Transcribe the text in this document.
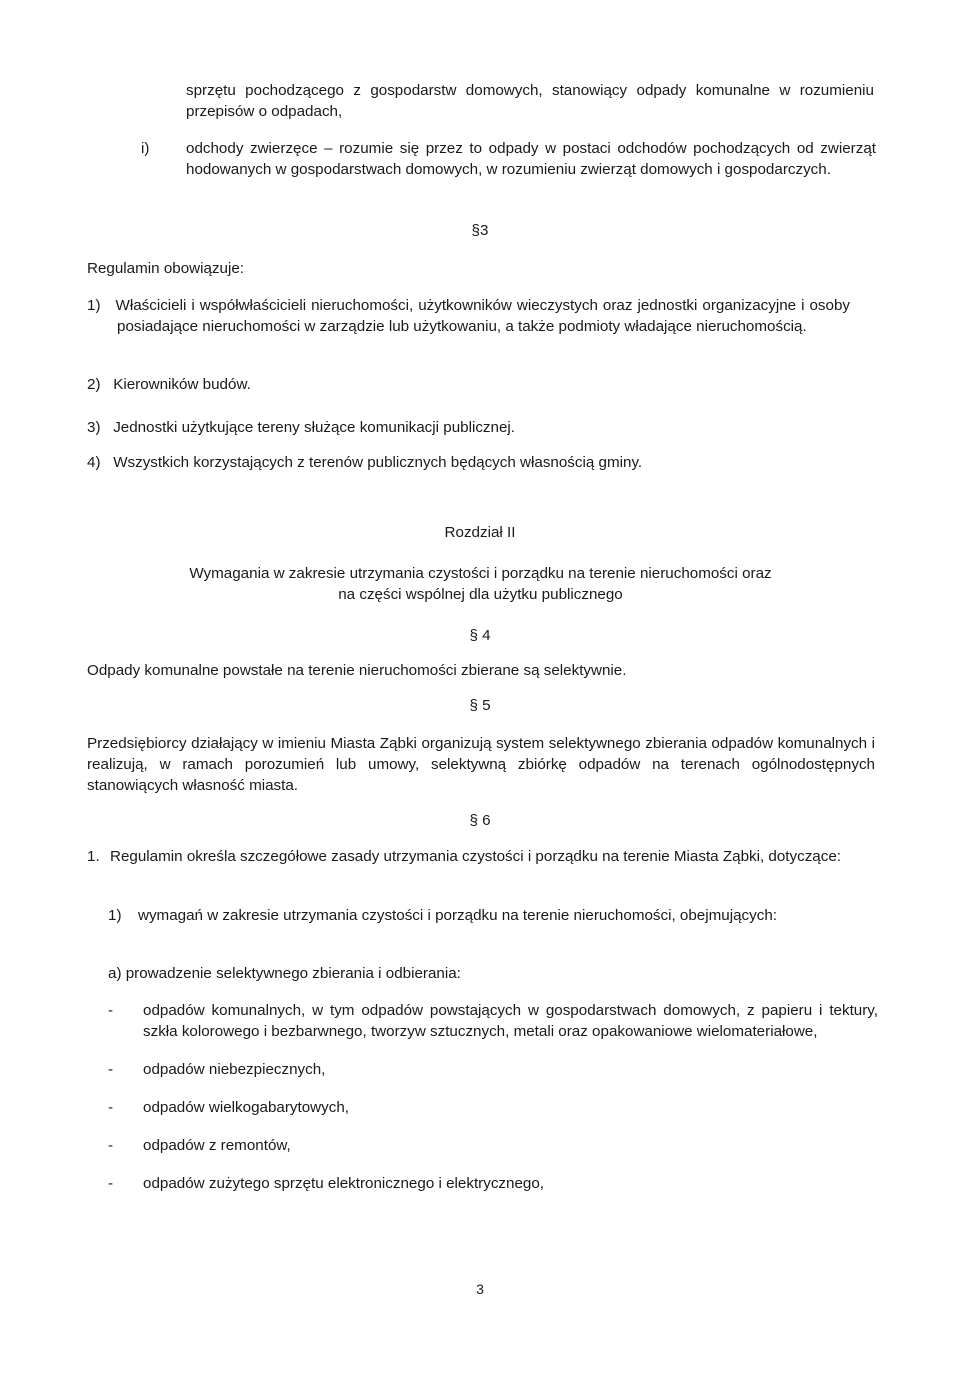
sprzętu pochodzącego z gospodarstw domowych, stanowiący odpady komunalne w rozumieniu przepisów o odpadach,

i) odchody zwierzęce – rozumie się przez to odpady w postaci odchodów pochodzących od zwierząt hodowanych w gospodarstwach domowych, w rozumieniu zwierząt domowych i gospodarczych.

§3
Regulamin obowiązuje:

1) Właścicieli i współwłaścicieli nieruchomości, użytkowników wieczystych oraz jednostki organizacyjne i osoby posiadające nieruchomości w zarządzie lub użytkowaniu, a także podmioty władające nieruchomością.

2) Kierowników budów.

3) Jednostki użytkujące tereny służące komunikacji publicznej.

4) Wszystkich korzystających z terenów publicznych będących własnością gminy.

Rozdział II
Wymagania w zakresie utrzymania czystości i porządku na terenie nieruchomości oraz
na części wspólnej dla użytku publicznego
§ 4

Odpady komunalne powstałe na terenie nieruchomości zbierane są selektywnie.

§ 5

Przedsiębiorcy działający w imieniu Miasta Ząbki organizują system selektywnego zbierania odpadów komunalnych i realizują, w ramach porozumień lub umowy, selektywną zbiórkę odpadów na terenach ogólnodostępnych stanowiących własność miasta.

§ 6
1. Regulamin określa szczegółowe zasady utrzymania czystości i porządku na terenie Miasta Ząbki, dotyczące:

1) wymagań w zakresie utrzymania czystości i porządku na terenie nieruchomości, obejmujących:

a) prowadzenie selektywnego zbierania i odbierania:

- odpadów komunalnych, w tym odpadów powstających w gospodarstwach domowych, z papieru i tektury, szkła kolorowego i bezbarwnego, tworzyw sztucznych, metali oraz opakowaniowe wielomateriałowe,

- odpadów niebezpiecznych,

- odpadów wielkogabarytowych,

- odpadów z remontów,

- odpadów zużytego sprzętu elektronicznego i elektrycznego,

3
